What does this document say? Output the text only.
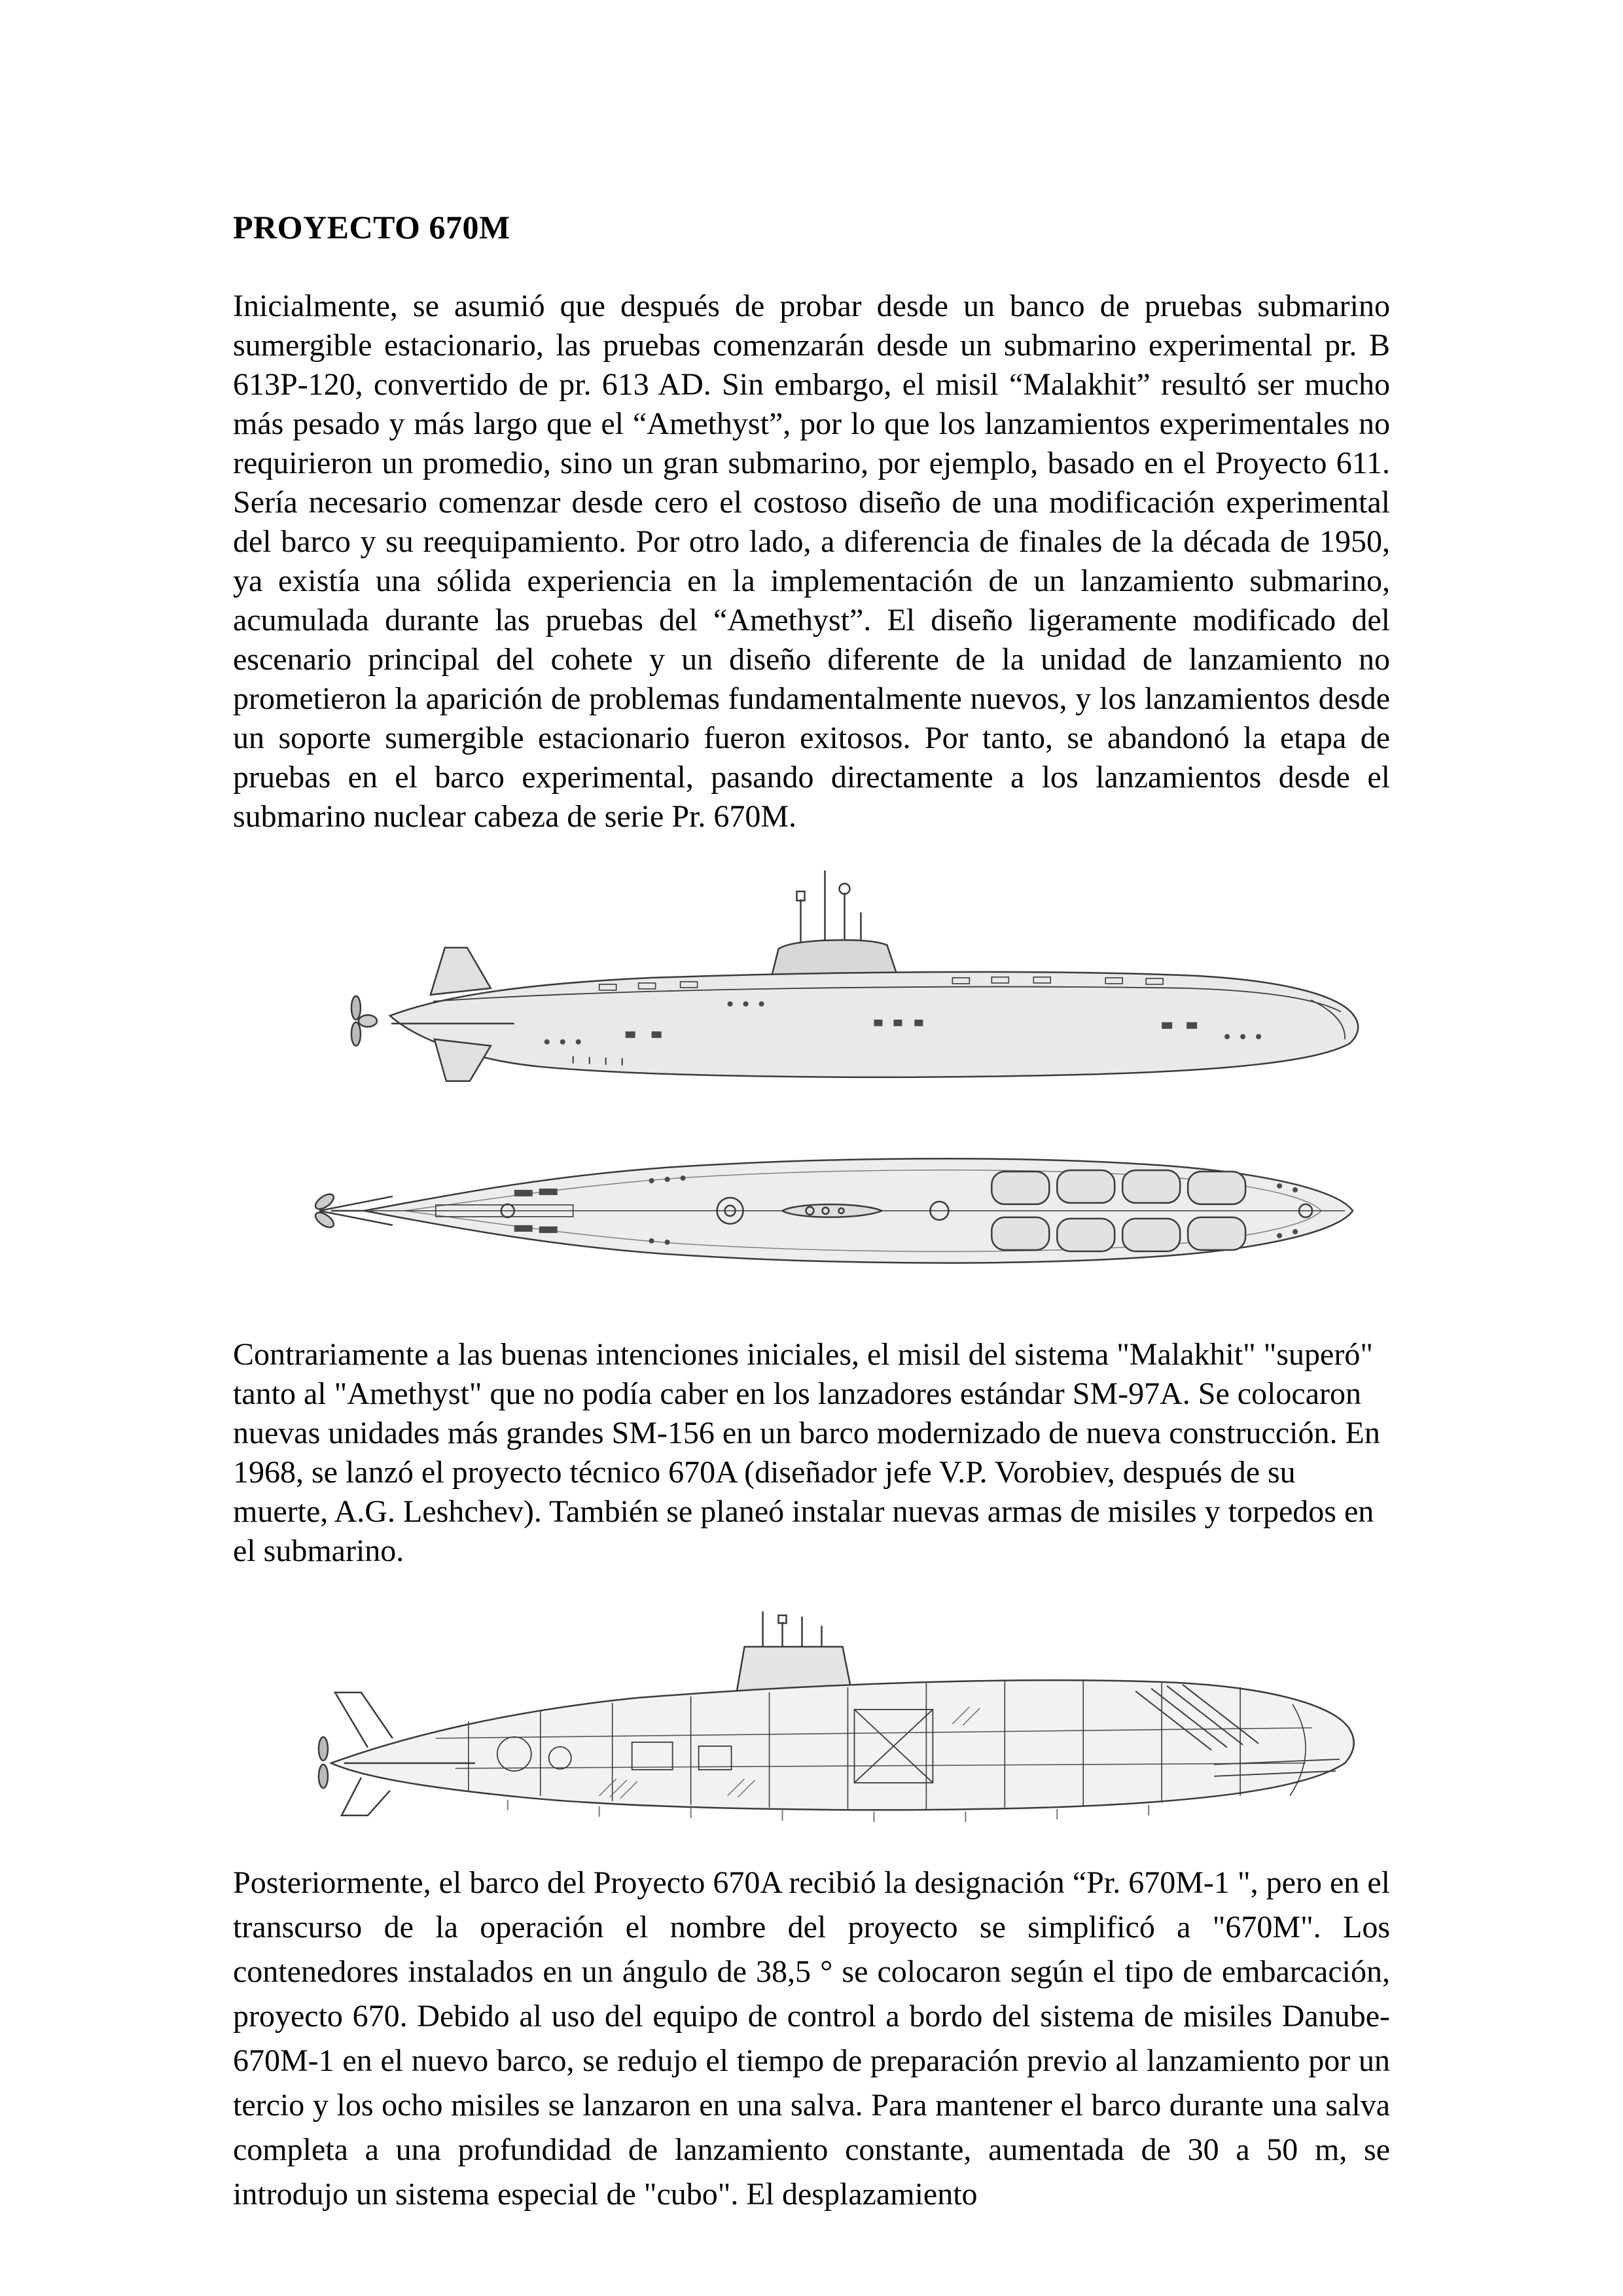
PROYECTO 670M

Inicialmente, se asumió que después de probar desde un banco de pruebas submarino sumergible estacionario, las pruebas comenzarán desde un submarino experimental pr. B 613P-120, convertido de pr. 613 AD. Sin embargo, el misil “Malakhit” resultó ser mucho más pesado y más largo que el “Amethyst”, por lo que los lanzamientos experimentales no requirieron un promedio, sino un gran submarino, por ejemplo, basado en el Proyecto 611. Sería necesario comenzar desde cero el costoso diseño de una modificación experimental del barco y su reequipamiento. Por otro lado, a diferencia de finales de la década de 1950, ya existía una sólida experiencia en la implementación de un lanzamiento submarino, acumulada durante las pruebas del “Amethyst”. El diseño ligeramente modificado del escenario principal del cohete y un diseño diferente de la unidad de lanzamiento no prometieron la aparición de problemas fundamentalmente nuevos, y los lanzamientos desde un soporte sumergible estacionario fueron exitosos. Por tanto, se abandonó la etapa de pruebas en el barco experimental, pasando directamente a los lanzamientos desde el submarino nuclear cabeza de serie Pr. 670M.

Contrariamente a las buenas intenciones iniciales, el misil del sistema "Malakhit" "superó" tanto al "Amethyst" que no podía caber en los lanzadores estándar SM-97A. Se colocaron nuevas unidades más grandes SM-156 en un barco modernizado de nueva construcción. En 1968, se lanzó el proyecto técnico 670A (diseñador jefe V.P. Vorobiev, después de su muerte, A.G. Leshchev). También se planeó instalar nuevas armas de misiles y torpedos en el submarino.

Posteriormente, el barco del Proyecto 670A recibió la designación “Pr. 670M-1 ", pero en el transcurso de la operación el nombre del proyecto se simplificó a "670M". Los contenedores instalados en un ángulo de 38,5 ° se colocaron según el tipo de embarcación, proyecto 670. Debido al uso del equipo de control a bordo del sistema de misiles Danube-670M-1 en el nuevo barco, se redujo el tiempo de preparación previo al lanzamiento por un tercio y los ocho misiles se lanzaron en una salva. Para mantener el barco durante una salva completa a una profundidad de lanzamiento constante, aumentada de 30 a 50 m, se introdujo un sistema especial de "cubo". El desplazamiento
